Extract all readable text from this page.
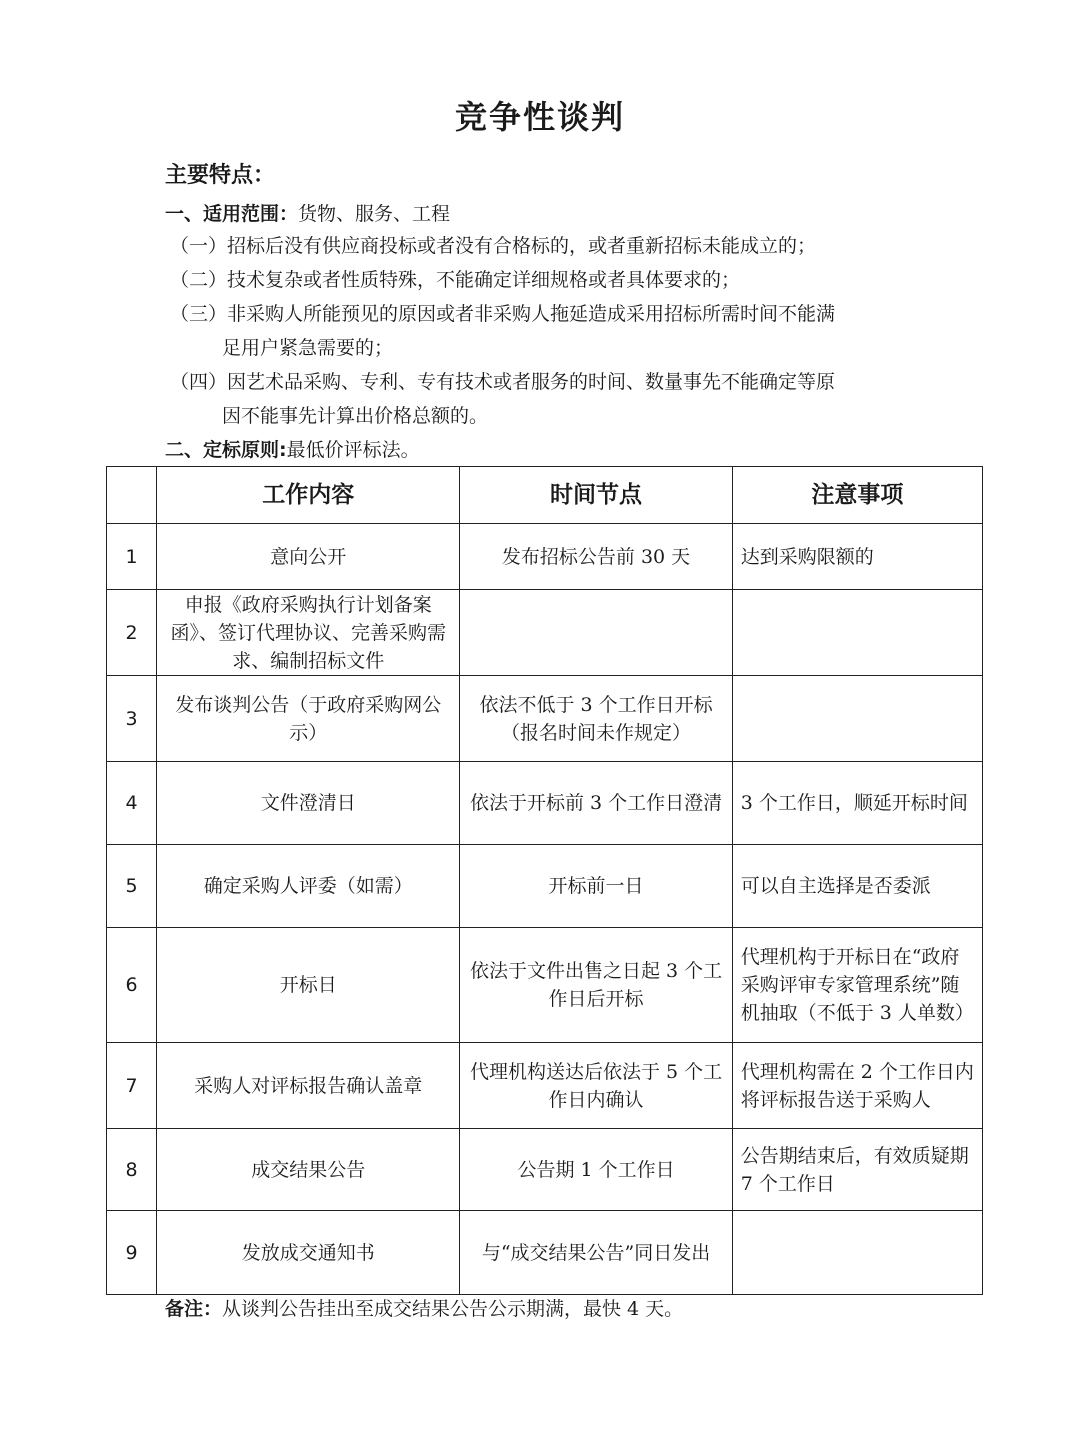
竞争性谈判
主要特点：
一、适用范围：货物、服务、工程
（一）招标后没有供应商投标或者没有合格标的，或者重新招标未能成立的；
（二）技术复杂或者性质特殊，不能确定详细规格或者具体要求的；
（三）非采购人所能预见的原因或者非采购人拖延造成采用招标所需时间不能满
足用户紧急需要的；
（四）因艺术品采购、专利、专有技术或者服务的时间、数量事先不能确定等原
因不能事先计算出价格总额的。
二、定标原则:最低价评标法。
	工作内容	时间节点	注意事项
1	意向公开	发布招标公告前 30 天	达到采购限额的
2	申报《政府采购执行计划备案函》、签订代理协议、完善采购需求、编制招标文件		
3	发布谈判公告（于政府采购网公示）	依法不低于 3 个工作日开标（报名时间未作规定）	
4	文件澄清日	依法于开标前 3 个工作日澄清	3 个工作日，顺延开标时间
5	确定采购人评委（如需）	开标前一日	可以自主选择是否委派
6	开标日	依法于文件出售之日起 3 个工作日后开标	代理机构于开标日在“政府采购评审专家管理系统”随机抽取（不低于 3 人单数）
7	采购人对评标报告确认盖章	代理机构送达后依法于 5 个工作日内确认	代理机构需在 2 个工作日内将评标报告送于采购人
8	成交结果公告	公告期 1 个工作日	公告期结束后，有效质疑期 7 个工作日
9	发放成交通知书	与“成交结果公告”同日发出	
备注：从谈判公告挂出至成交结果公告公示期满，最快 4 天。
